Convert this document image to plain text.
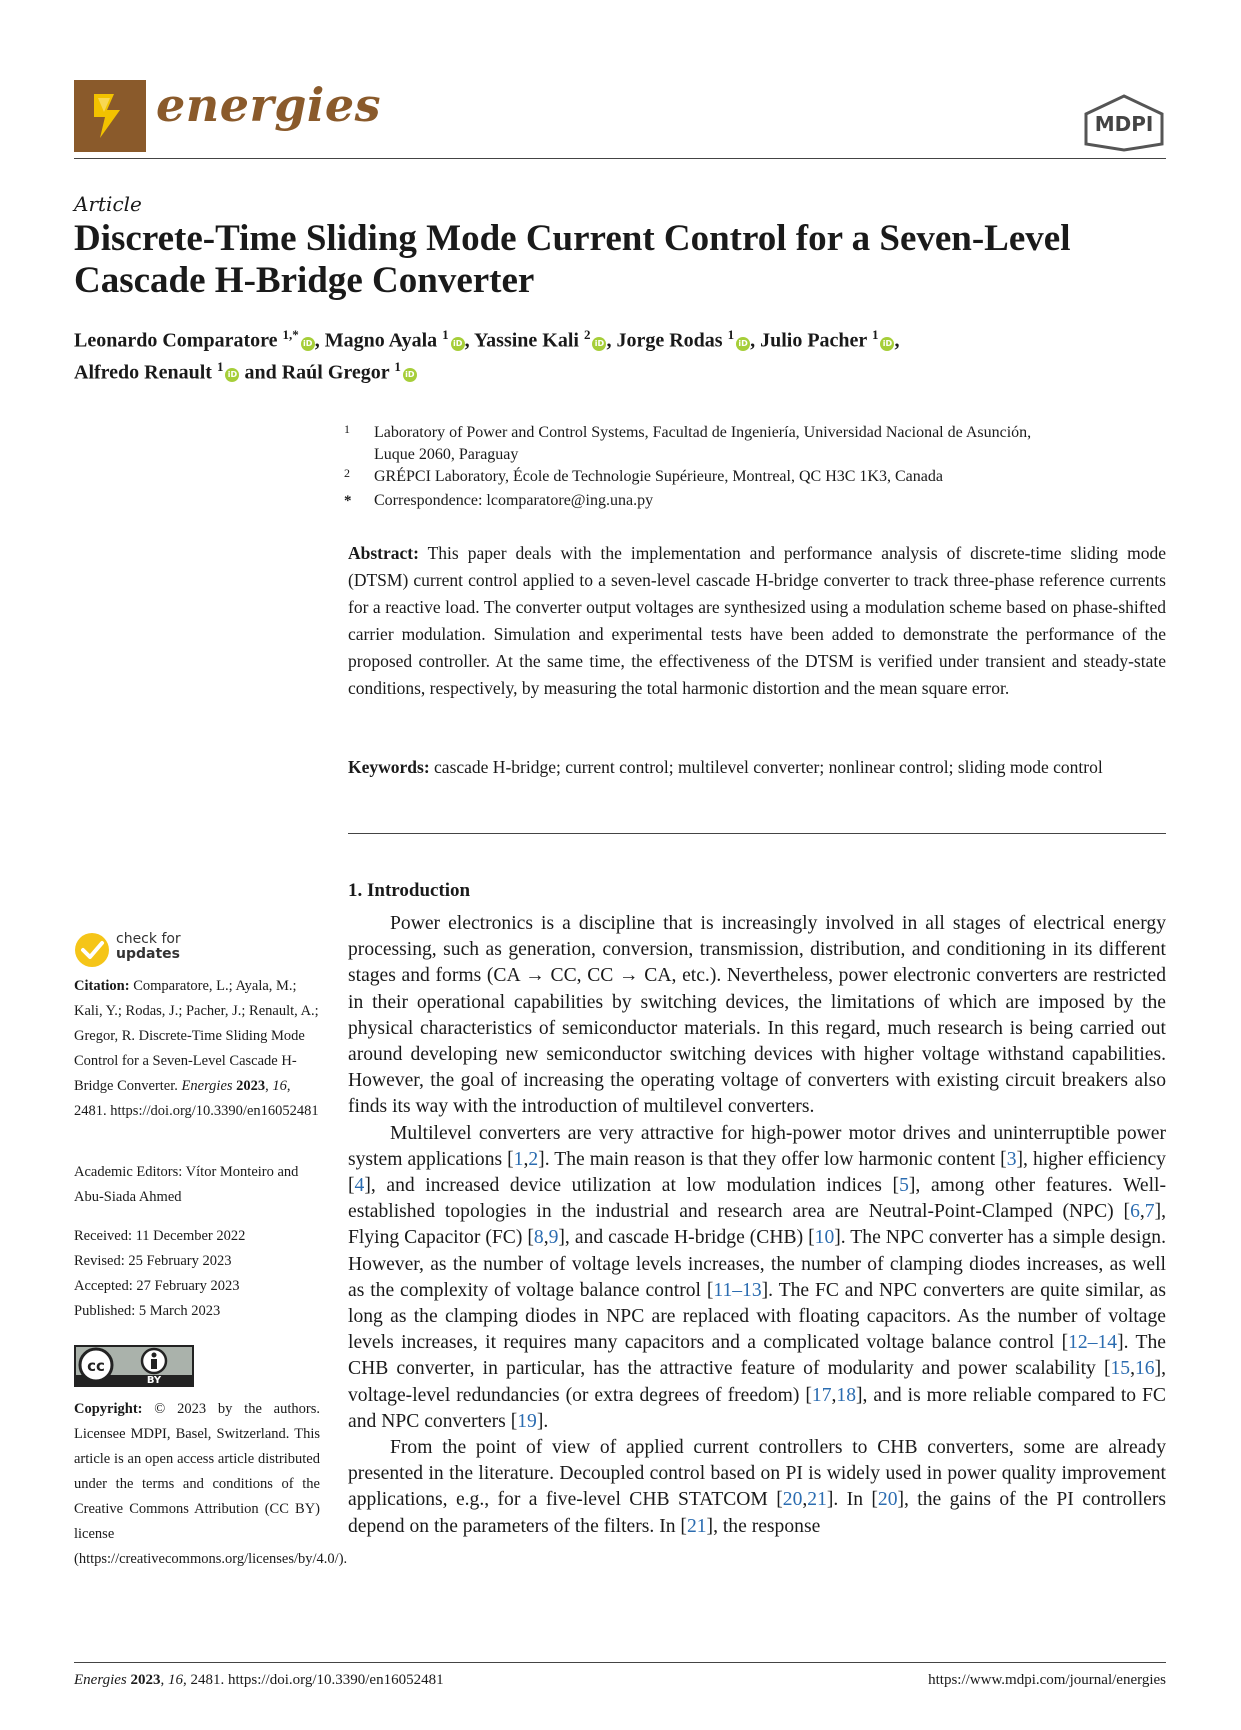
energies	MDPI
Article
Discrete-Time Sliding Mode Current Control for a Seven-Level
Cascade H-Bridge Converter
Leonardo Comparatore $^{1,*}$iD , Magno Ayala $^1$iD , Yassine Kali $^2$iD , Jorge Rodas $^1$iD , Julio Pacher $^1$iD ,
Alfredo Renault $^1$iD and Raúl Gregor $^1$iD
1 Laboratory of Power and Control Systems, Facultad de Ingeniería, Universidad Nacional de Asunción,
Luque 2060, Paraguay
2 GRÉPCI Laboratory, École de Technologie Supérieure, Montreal, QC H3C 1K3, Canada
* Correspondence: lcomparatore@ing.una.py
Abstract: This paper deals with the implementation and performance analysis of discrete-time sliding mode (DTSM) current control applied to a seven-level cascade H-bridge converter to track three-phase reference currents for a reactive load. The converter output voltages are synthesized using a modulation scheme based on phase-shifted carrier modulation. Simulation and experimental tests have been added to demonstrate the performance of the proposed controller. At the same time, the effectiveness of the DTSM is verified under transient and steady-state conditions, respectively, by measuring the total harmonic distortion and the mean square error.
Keywords: cascade H-bridge; current control; multilevel converter; nonlinear control; sliding mode control
1. Introduction

Power electronics is a discipline that is increasingly involved in all stages of electrical energy processing, such as generation, conversion, transmission, distribution, and conditioning in its different stages and forms (CA → CC, CC → CA, etc.). Nevertheless, power electronic converters are restricted in their operational capabilities by switching devices, the limitations of which are imposed by the physical characteristics of semiconductor materials. In this regard, much research is being carried out around developing new semiconductor switching devices with higher voltage withstand capabilities. However, the goal of increasing the operating voltage of converters with existing circuit breakers also finds its way with the introduction of multilevel converters.

Multilevel converters are very attractive for high-power motor drives and uninterruptible power system applications [1,2]. The main reason is that they offer low harmonic content [3], higher efficiency [4], and increased device utilization at low modulation indices [5], among other features. Well-established topologies in the industrial and research area are Neutral-Point-Clamped (NPC) [6,7], Flying Capacitor (FC) [8,9], and cascade H-bridge (CHB) [10]. The NPC converter has a simple design. However, as the number of voltage levels increases, the number of clamping diodes increases, as well as the complexity of voltage balance control [11–13]. The FC and NPC converters are quite similar, as long as the clamping diodes in NPC are replaced with floating capacitors. As the number of voltage levels increases, it requires many capacitors and a complicated voltage balance control [12–14]. The CHB converter, in particular, has the attractive feature of modularity and power scalability [15,16], voltage-level redundancies (or extra degrees of freedom) [17,18], and is more reliable compared to FC and NPC converters [19].

From the point of view of applied current controllers to CHB converters, some are already presented in the literature. Decoupled control based on PI is widely used in power quality improvement applications, e.g., for a five-level CHB STATCOM [20,21]. In [20], the gains of the PI controllers depend on the parameters of the filters. In [21], the response

check for
updates
Citation: Comparatore, L.; Ayala, M.; Kali, Y.; Rodas, J.; Pacher, J.; Renault, A.; Gregor, R. Discrete-Time Sliding Mode Control for a Seven-Level Cascade H-Bridge Converter. Energies 2023, 16, 2481. https://doi.org/10.3390/en16052481
Academic Editors: Vítor Monteiro and Abu-Siada Ahmed
Received: 11 December 2022
Revised: 25 February 2023
Accepted: 27 February 2023
Published: 5 March 2023
cc
BY
Copyright: © 2023 by the authors. Licensee MDPI, Basel, Switzerland. This article is an open access article distributed under the terms and conditions of the Creative Commons Attribution (CC BY) license (https://creativecommons.org/licenses/by/4.0/).
Energies 2023, 16, 2481. https://doi.org/10.3390/en16052481	https://www.mdpi.com/journal/energies
